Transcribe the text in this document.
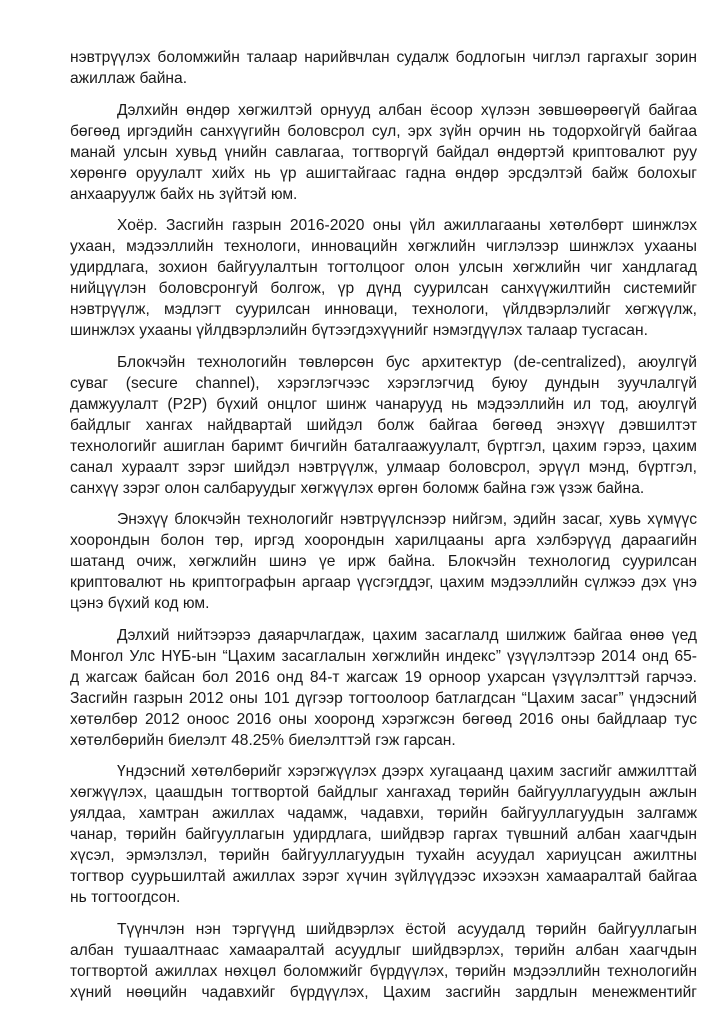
нэвтрүүлэх боломжийн талаар нарийвчлан судалж бодлогын чиглэл гаргахыг зорин
ажиллаж байна.
Дэлхийн өндөр хөгжилтэй орнууд албан ёсоор хүлээн зөвшөөрөөгүй байгаа
бөгөөд иргэдийн санхүүгийн боловсрол сул, эрх зүйн орчин нь тодорхойгүй байгаа
манай улсын хувьд үнийн савлагаа, тогтворгүй байдал өндөртэй криптовалют руу
хөрөнгө оруулалт хийх нь үр ашигтайгаас гадна өндөр эрсдэлтэй байж болохыг
анхааруулж байх нь зүйтэй юм.
Хоёр. Засгийн газрын 2016-2020 оны үйл ажиллагааны хөтөлбөрт шинжлэх
ухаан, мэдээллийн технологи, инновацийн хөгжлийн чиглэлээр шинжлэх ухааны
удирдлага, зохион байгуулалтын тогтолцоог олон улсын хөгжлийн чиг хандлагад
нийцүүлэн боловсронгуй болгож, үр дүнд суурилсан санхүүжилтийн системийг
нэвтрүүлж, мэдлэгт суурилсан инноваци, технологи, үйлдвэрлэлийг хөгжүүлж,
шинжлэх ухааны үйлдвэрлэлийн бүтээгдэхүүнийг нэмэгдүүлэх талаар тусгасан.
Блокчэйн технологийн төвлөрсөн бус архитектур (de-centralized), аюулгүй
суваг (secure channel), хэрэглэгчээс хэрэглэгчид буюу дундын зуучлалгүй
дамжуулалт (P2P) бүхий онцлог шинж чанарууд нь мэдээллийн ил тод, аюулгүй
байдлыг хангах найдвартай шийдэл болж байгаа бөгөөд энэхүү дэвшилтэт
технологийг ашиглан баримт бичгийн баталгаажуулалт, бүртгэл, цахим гэрээ, цахим
санал хураалт зэрэг шийдэл нэвтрүүлж, улмаар боловсрол, эрүүл мэнд, бүртгэл,
санхүү зэрэг олон салбаруудыг хөгжүүлэх өргөн боломж байна гэж үзэж байна.
Энэхүү блокчэйн технологийг нэвтрүүлснээр нийгэм, эдийн засаг, хувь хүмүүс
хоорондын болон төр, иргэд хоорондын харилцааны арга хэлбэрүүд дараагийн
шатанд очиж, хөгжлийн шинэ үе ирж байна. Блокчэйн технологид суурилсан
криптовалют нь криптографын аргаар үүсгэгддэг, цахим мэдээллийн сүлжээ дэх үнэ
цэнэ бүхий код юм.
Дэлхий нийтээрээ даяарчлагдаж, цахим засаглалд шилжиж байгаа өнөө үед
Монгол Улс НҮБ-ын “Цахим засаглалын хөгжлийн индекс” үзүүлэлтээр 2014 онд 65-
д жагсаж байсан бол 2016 онд 84-т жагсаж 19 орноор ухарсан үзүүлэлттэй гарчээ.
Засгийн газрын 2012 оны 101 дүгээр тогтоолоор батлагдсан “Цахим засаг” үндэсний
хөтөлбөр 2012 оноос 2016 оны хооронд хэрэгжсэн бөгөөд 2016 оны байдлаар тус
хөтөлбөрийн биелэлт 48.25% биелэлттэй гэж гарсан.
Үндэсний хөтөлбөрийг хэрэгжүүлэх дээрх хугацаанд цахим засгийг амжилттай
хөгжүүлэх, цаашдын тогтвортой байдлыг хангахад төрийн байгууллагуудын ажлын
уялдаа, хамтран ажиллах чадамж, чадавхи, төрийн байгууллагуудын залгамж
чанар, төрийн байгууллагын удирдлага, шийдвэр гаргах түвшний албан хаагчдын
хүсэл, эрмэлзлэл, төрийн байгууллагуудын тухайн асуудал хариуцсан ажилтны
тогтвор суурьшилтай ажиллах зэрэг хүчин зүйлүүдээс ихээхэн хамааралтай байгаа
нь тогтоогдсон.
Түүнчлэн нэн тэргүүнд шийдвэрлэх ёстой асуудалд төрийн байгууллагын
албан тушаалтнаас хамааралтай асуудлыг шийдвэрлэх, төрийн албан хаагчдын
тогтвортой ажиллах нөхцөл боломжийг бүрдүүлэх, төрийн мэдээллийн технологийн
хүний нөөцийн чадавхийг бүрдүүлэх, Цахим засгийн зардлын менежментийг
